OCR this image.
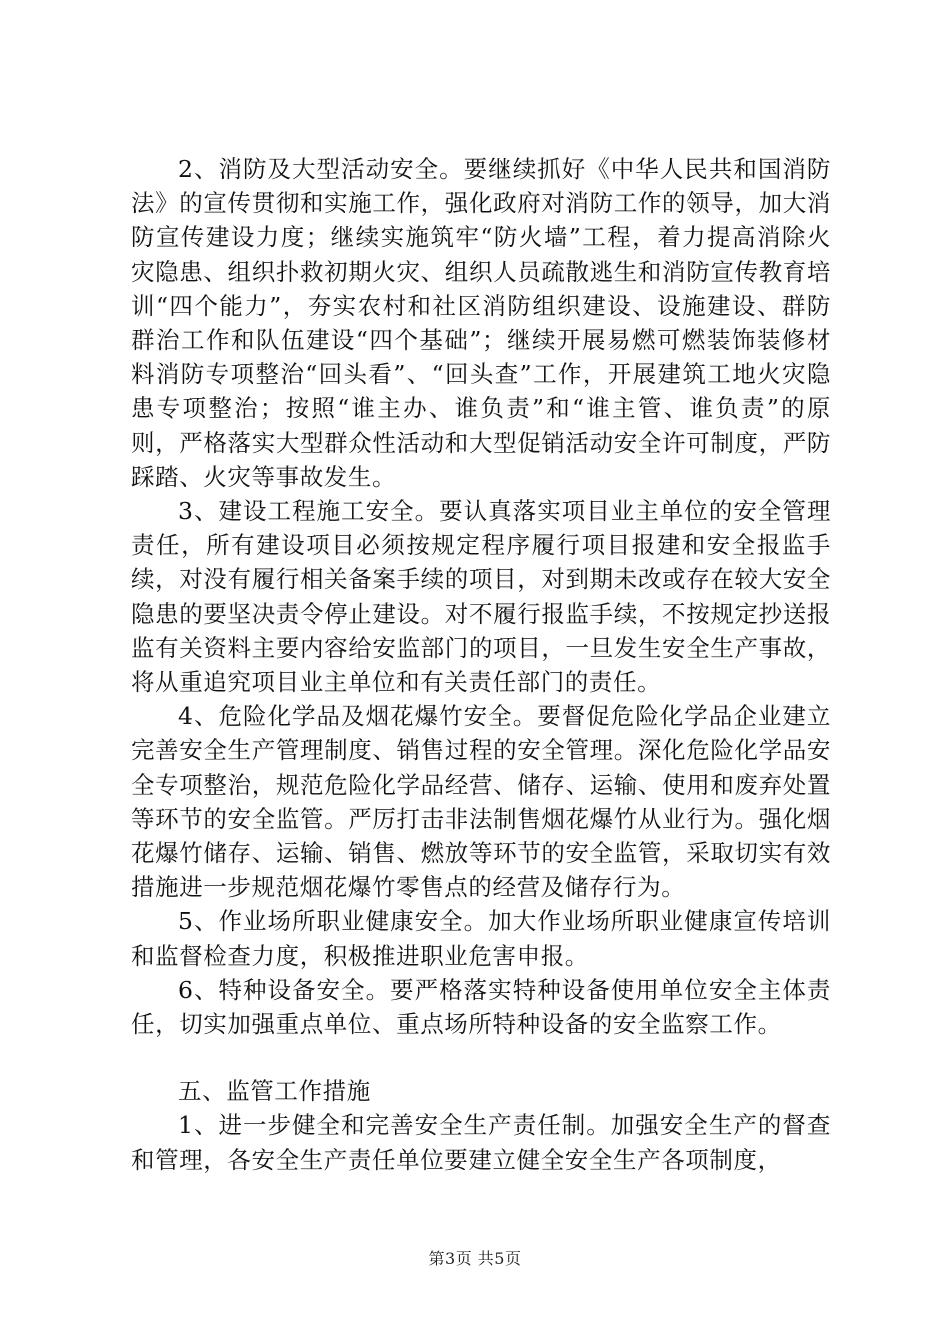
2、消防及大型活动安全。要继续抓好《中华人民共和国消防法》的宣传贯彻和实施工作，强化政府对消防工作的领导，加大消防宣传建设力度；继续实施筑牢“防火墙”工程，着力提高消除火灾隐患、组织扑救初期火灾、组织人员疏散逃生和消防宣传教育培训“四个能力”，夯实农村和社区消防组织建设、设施建设、群防群治工作和队伍建设“四个基础”；继续开展易燃可燃装饰装修材料消防专项整治“回头看”、“回头查”工作，开展建筑工地火灾隐患专项整治；按照“谁主办、谁负责”和“谁主管、谁负责”的原则，严格落实大型群众性活动和大型促销活动安全许可制度，严防踩踏、火灾等事故发生。

3、建设工程施工安全。要认真落实项目业主单位的安全管理责任，所有建设项目必须按规定程序履行项目报建和安全报监手续，对没有履行相关备案手续的项目，对到期未改或存在较大安全隐患的要坚决责令停止建设。对不履行报监手续，不按规定抄送报监有关资料主要内容给安监部门的项目，一旦发生安全生产事故，将从重追究项目业主单位和有关责任部门的责任。

4、危险化学品及烟花爆竹安全。要督促危险化学品企业建立完善安全生产管理制度、销售过程的安全管理。深化危险化学品安全专项整治，规范危险化学品经营、储存、运输、使用和废弃处置等环节的安全监管。严厉打击非法制售烟花爆竹从业行为。强化烟花爆竹储存、运输、销售、燃放等环节的安全监管，采取切实有效措施进一步规范烟花爆竹零售点的经营及储存行为。

5、作业场所职业健康安全。加大作业场所职业健康宣传培训和监督检查力度，积极推进职业危害申报。

6、特种设备安全。要严格落实特种设备使用单位安全主体责任，切实加强重点单位、重点场所特种设备的安全监察工作。

五、监管工作措施

1、进一步健全和完善安全生产责任制。加强安全生产的督查和管理，各安全生产责任单位要建立健全安全生产各项制度，

第3页 共5页
